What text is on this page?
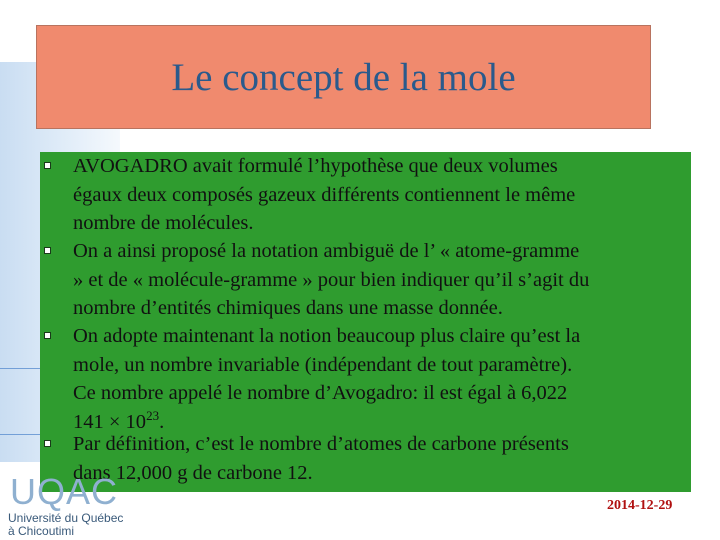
Le concept de la mole
AVOGADRO avait formulé l’hypothèse que deux volumes
égaux deux composés gazeux différents contiennent le même
nombre de molécules.
On a ainsi proposé la notation ambiguë de l’ « atome-gramme
» et de « molécule-gramme » pour bien indiquer qu’il s’agit du
nombre d’entités chimiques dans une masse donnée.
On adopte maintenant la notion beaucoup plus claire qu’est la
mole, un nombre invariable (indépendant de tout paramètre).
Ce nombre appelé le nombre d’Avogadro: il est égal à 6,022
$141 \times 10^{23}$.
Par définition, c’est le nombre d’atomes de carbone présents
dans 12,000 g de carbone 12.
UQAC
Université du Québec
à Chicoutimi
2014-12-29
